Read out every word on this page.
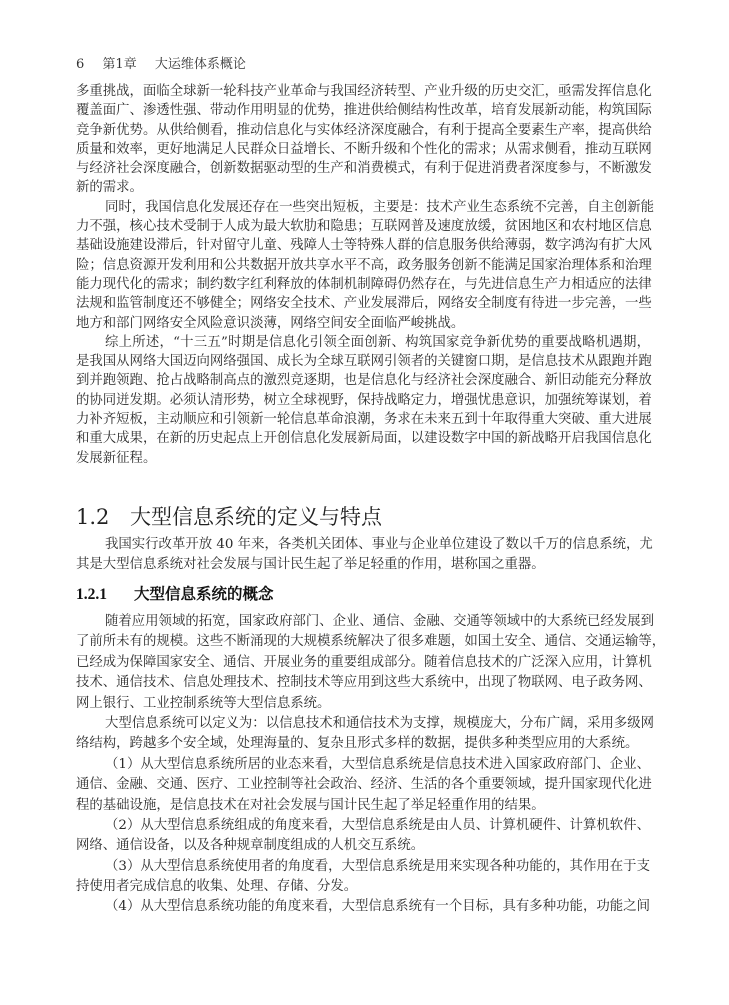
6 第1章 大运维体系概论
多重挑战，面临全球新一轮科技产业革命与我国经济转型、产业升级的历史交汇，亟需发挥信息化
覆盖面广、渗透性强、带动作用明显的优势，推进供给侧结构性改革，培育发展新动能，构筑国际
竞争新优势。从供给侧看，推动信息化与实体经济深度融合，有利于提高全要素生产率，提高供给
质量和效率，更好地满足人民群众日益增长、不断升级和个性化的需求；从需求侧看，推动互联网
与经济社会深度融合，创新数据驱动型的生产和消费模式，有利于促进消费者深度参与，不断激发
新的需求。
同时，我国信息化发展还存在一些突出短板，主要是：技术产业生态系统不完善，自主创新能
力不强，核心技术受制于人成为最大软肋和隐患；互联网普及速度放缓，贫困地区和农村地区信息
基础设施建设滞后，针对留守儿童、残障人士等特殊人群的信息服务供给薄弱，数字鸿沟有扩大风
险；信息资源开发利用和公共数据开放共享水平不高，政务服务创新不能满足国家治理体系和治理
能力现代化的需求；制约数字红利释放的体制机制障碍仍然存在，与先进信息生产力相适应的法律
法规和监管制度还不够健全；网络安全技术、产业发展滞后，网络安全制度有待进一步完善，一些
地方和部门网络安全风险意识淡薄，网络空间安全面临严峻挑战。
综上所述，“十三五”时期是信息化引领全面创新、构筑国家竞争新优势的重要战略机遇期，
是我国从网络大国迈向网络强国、成长为全球互联网引领者的关键窗口期，是信息技术从跟跑并跑
到并跑领跑、抢占战略制高点的激烈竞逐期，也是信息化与经济社会深度融合、新旧动能充分释放
的协同迸发期。必须认清形势，树立全球视野，保持战略定力，增强忧患意识，加强统筹谋划，着
力补齐短板，主动顺应和引领新一轮信息革命浪潮，务求在未来五到十年取得重大突破、重大进展
和重大成果，在新的历史起点上开创信息化发展新局面，以建设数字中国的新战略开启我国信息化
发展新征程。
1.2 大型信息系统的定义与特点
我国实行改革开放 40 年来，各类机关团体、事业与企业单位建设了数以千万的信息系统，尤
其是大型信息系统对社会发展与国计民生起了举足轻重的作用，堪称国之重器。
1.2.1 大型信息系统的概念
随着应用领域的拓宽，国家政府部门、企业、通信、金融、交通等领域中的大系统已经发展到
了前所未有的规模。这些不断涌现的大规模系统解决了很多难题，如国土安全、通信、交通运输等，
已经成为保障国家安全、通信、开展业务的重要组成部分。随着信息技术的广泛深入应用，计算机
技术、通信技术、信息处理技术、控制技术等应用到这些大系统中，出现了物联网、电子政务网、
网上银行、工业控制系统等大型信息系统。
大型信息系统可以定义为：以信息技术和通信技术为支撑，规模庞大，分布广阔，采用多级网
络结构，跨越多个安全域，处理海量的、复杂且形式多样的数据，提供多种类型应用的大系统。
（1）从大型信息系统所居的业态来看，大型信息系统是信息技术进入国家政府部门、企业、
通信、金融、交通、医疗、工业控制等社会政治、经济、生活的各个重要领域，提升国家现代化进
程的基础设施，是信息技术在对社会发展与国计民生起了举足轻重作用的结果。
（2）从大型信息系统组成的角度来看，大型信息系统是由人员、计算机硬件、计算机软件、
网络、通信设备，以及各种规章制度组成的人机交互系统。
（3）从大型信息系统使用者的角度看，大型信息系统是用来实现各种功能的，其作用在于支
持使用者完成信息的收集、处理、存储、分发。
（4）从大型信息系统功能的角度来看，大型信息系统有一个目标，具有多种功能，功能之间
